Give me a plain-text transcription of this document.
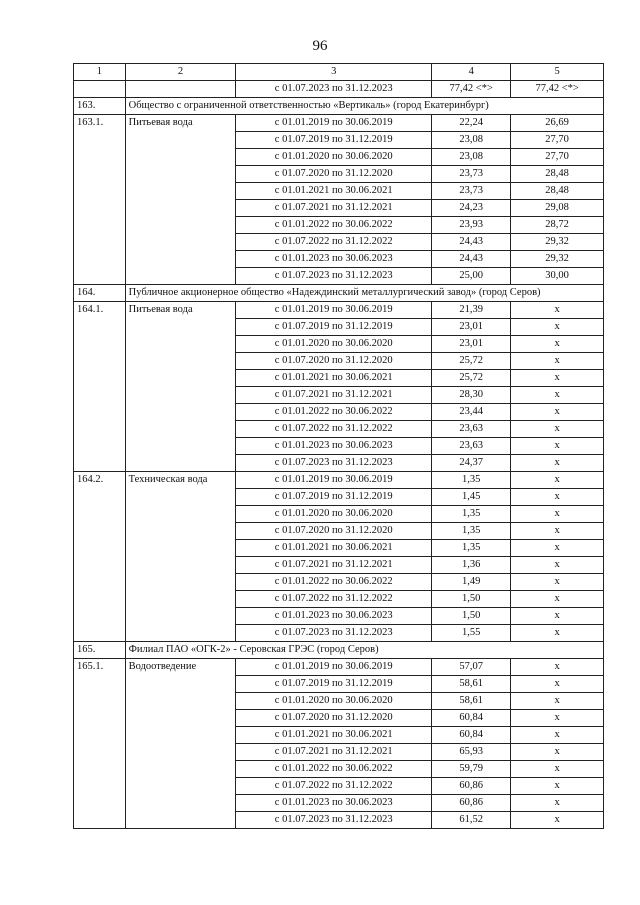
96
1	2	3	4	5
		с 01.07.2023 по 31.12.2023	77,42 <*>	77,42 <*>
163.	Общество с ограниченной ответственностью «Вертикаль» (город Екатеринбург)			
163.1.	Питьевая вода	с 01.01.2019 по 30.06.2019	22,24	26,69
		с 01.07.2019 по 31.12.2019	23,08	27,70
		с 01.01.2020 по 30.06.2020	23,08	27,70
		с 01.07.2020 по 31.12.2020	23,73	28,48
		с 01.01.2021 по 30.06.2021	23,73	28,48
		с 01.07.2021 по 31.12.2021	24,23	29,08
		с 01.01.2022 по 30.06.2022	23,93	28,72
		с 01.07.2022 по 31.12.2022	24,43	29,32
		с 01.01.2023 по 30.06.2023	24,43	29,32
		с 01.07.2023 по 31.12.2023	25,00	30,00
164.	Публичное акционерное общество «Надеждинский металлургический завод» (город Серов)			
164.1.	Питьевая вода	с 01.01.2019 по 30.06.2019	21,39	x
		с 01.07.2019 по 31.12.2019	23,01	x
		с 01.01.2020 по 30.06.2020	23,01	x
		с 01.07.2020 по 31.12.2020	25,72	x
		с 01.01.2021 по 30.06.2021	25,72	x
		с 01.07.2021 по 31.12.2021	28,30	x
		с 01.01.2022 по 30.06.2022	23,44	x
		с 01.07.2022 по 31.12.2022	23,63	x
		с 01.01.2023 по 30.06.2023	23,63	x
		с 01.07.2023 по 31.12.2023	24,37	x
164.2.	Техническая вода	с 01.01.2019 по 30.06.2019	1,35	x
		с 01.07.2019 по 31.12.2019	1,45	x
		с 01.01.2020 по 30.06.2020	1,35	x
		с 01.07.2020 по 31.12.2020	1,35	x
		с 01.01.2021 по 30.06.2021	1,35	x
		с 01.07.2021 по 31.12.2021	1,36	x
		с 01.01.2022 по 30.06.2022	1,49	x
		с 01.07.2022 по 31.12.2022	1,50	x
		с 01.01.2023 по 30.06.2023	1,50	x
		с 01.07.2023 по 31.12.2023	1,55	x
165.	Филиал ПАО «ОГК-2» - Серовская ГРЭС (город Серов)			
165.1.	Водоотведение	с 01.01.2019 по 30.06.2019	57,07	x
		с 01.07.2019 по 31.12.2019	58,61	x
		с 01.01.2020 по 30.06.2020	58,61	x
		с 01.07.2020 по 31.12.2020	60,84	x
		с 01.01.2021 по 30.06.2021	60,84	x
		с 01.07.2021 по 31.12.2021	65,93	x
		с 01.01.2022 по 30.06.2022	59,79	x
		с 01.07.2022 по 31.12.2022	60,86	x
		с 01.01.2023 по 30.06.2023	60,86	x
		с 01.07.2023 по 31.12.2023	61,52	x
